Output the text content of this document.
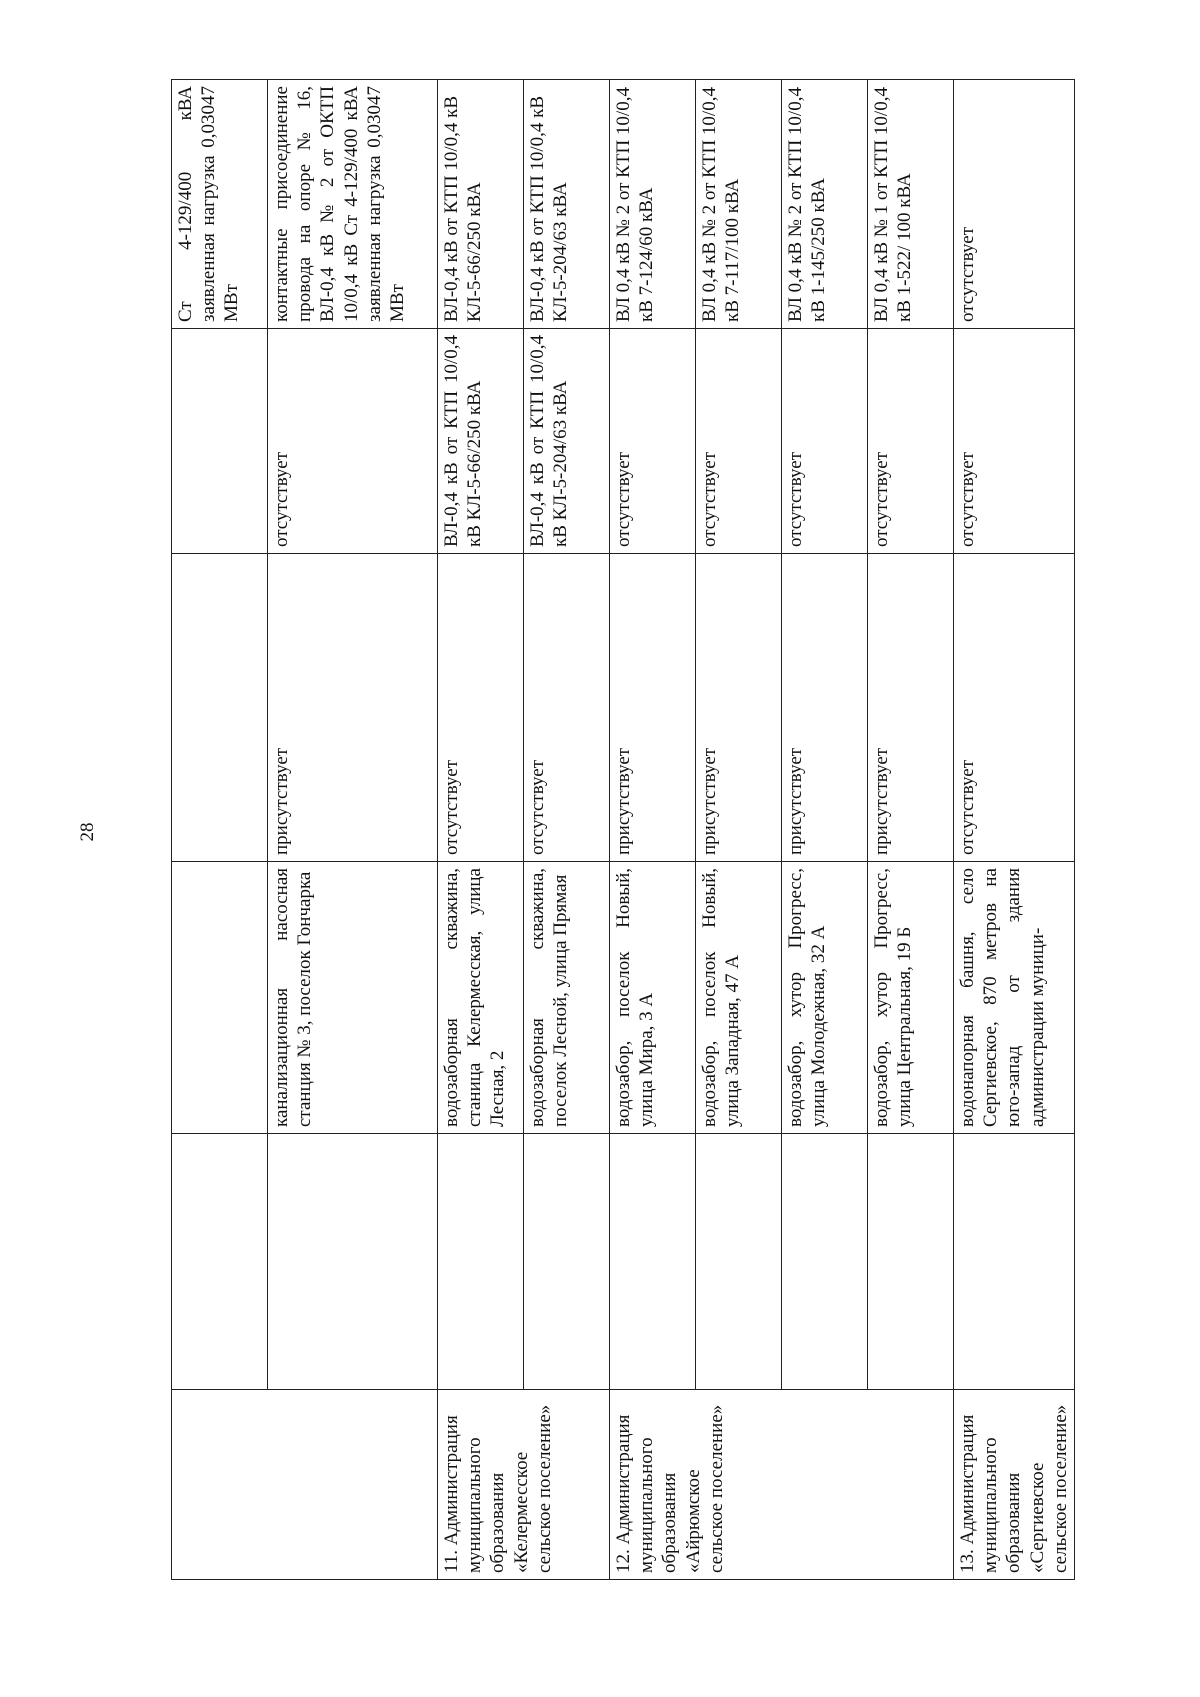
28
					Ст 4-129/400 кВА заявленная нагрузка 0,03047 МВт
		канализационная насосная станция № 3, поселок Гончарка	присутствует	отсутствует	контактные присоединение провода на опоре № 16, ВЛ-0,4 кВ № 2 от ОКТП 10/0,4 кВ Ст 4-129/400 кВА заявленная нагрузка 0,03047 МВт
11. Администрация муниципального образования «Келермесское сельское поселение»		водозаборная скважина, станица Келермесская, улица Лесная, 2	отсутствует	ВЛ-0,4 кВ от КТП 10/0,4 кВ КЛ-5-66/250 кВА	ВЛ-0,4 кВ от КТП 10/0,4 кВ КЛ-5-66/250 кВА
		водозаборная скважина, поселок Лесной, улица Прямая	отсутствует	ВЛ-0,4 кВ от КТП 10/0,4 кВ КЛ-5-204/63 кВА	ВЛ-0,4 кВ от КТП 10/0,4 кВ КЛ-5-204/63 кВА
12. Администрация муниципального образования «Айрюмское сельское поселение»		водозабор, поселок Новый, улица Мира, 3 А	присутствует	отсутствует	ВЛ 0,4 кВ № 2 от КТП 10/0,4 кВ 7-124/60 кВА
		водозабор, поселок Новый, улица Западная, 47 А	присутствует	отсутствует	ВЛ 0,4 кВ № 2 от КТП 10/0,4 кВ 7-117/100 кВА
		водозабор, хутор Прогресс, улица Молодежная, 32 А	присутствует	отсутствует	ВЛ 0,4 кВ № 2 от КТП 10/0,4 кВ 1-145/250 кВА
		водозабор, хутор Прогресс, улица Центральная, 19 Б	присутствует	отсутствует	ВЛ 0,4 кВ № 1 от КТП 10/0,4 кВ 1-522/ 100 кВА
13. Администрация муниципального образования «Сергиевское сельское поселение»		водонапорная башня, село Сергиевское, 870 метров на юго-запад от здания администрации муници-	отсутствует	отсутствует	отсутствует
